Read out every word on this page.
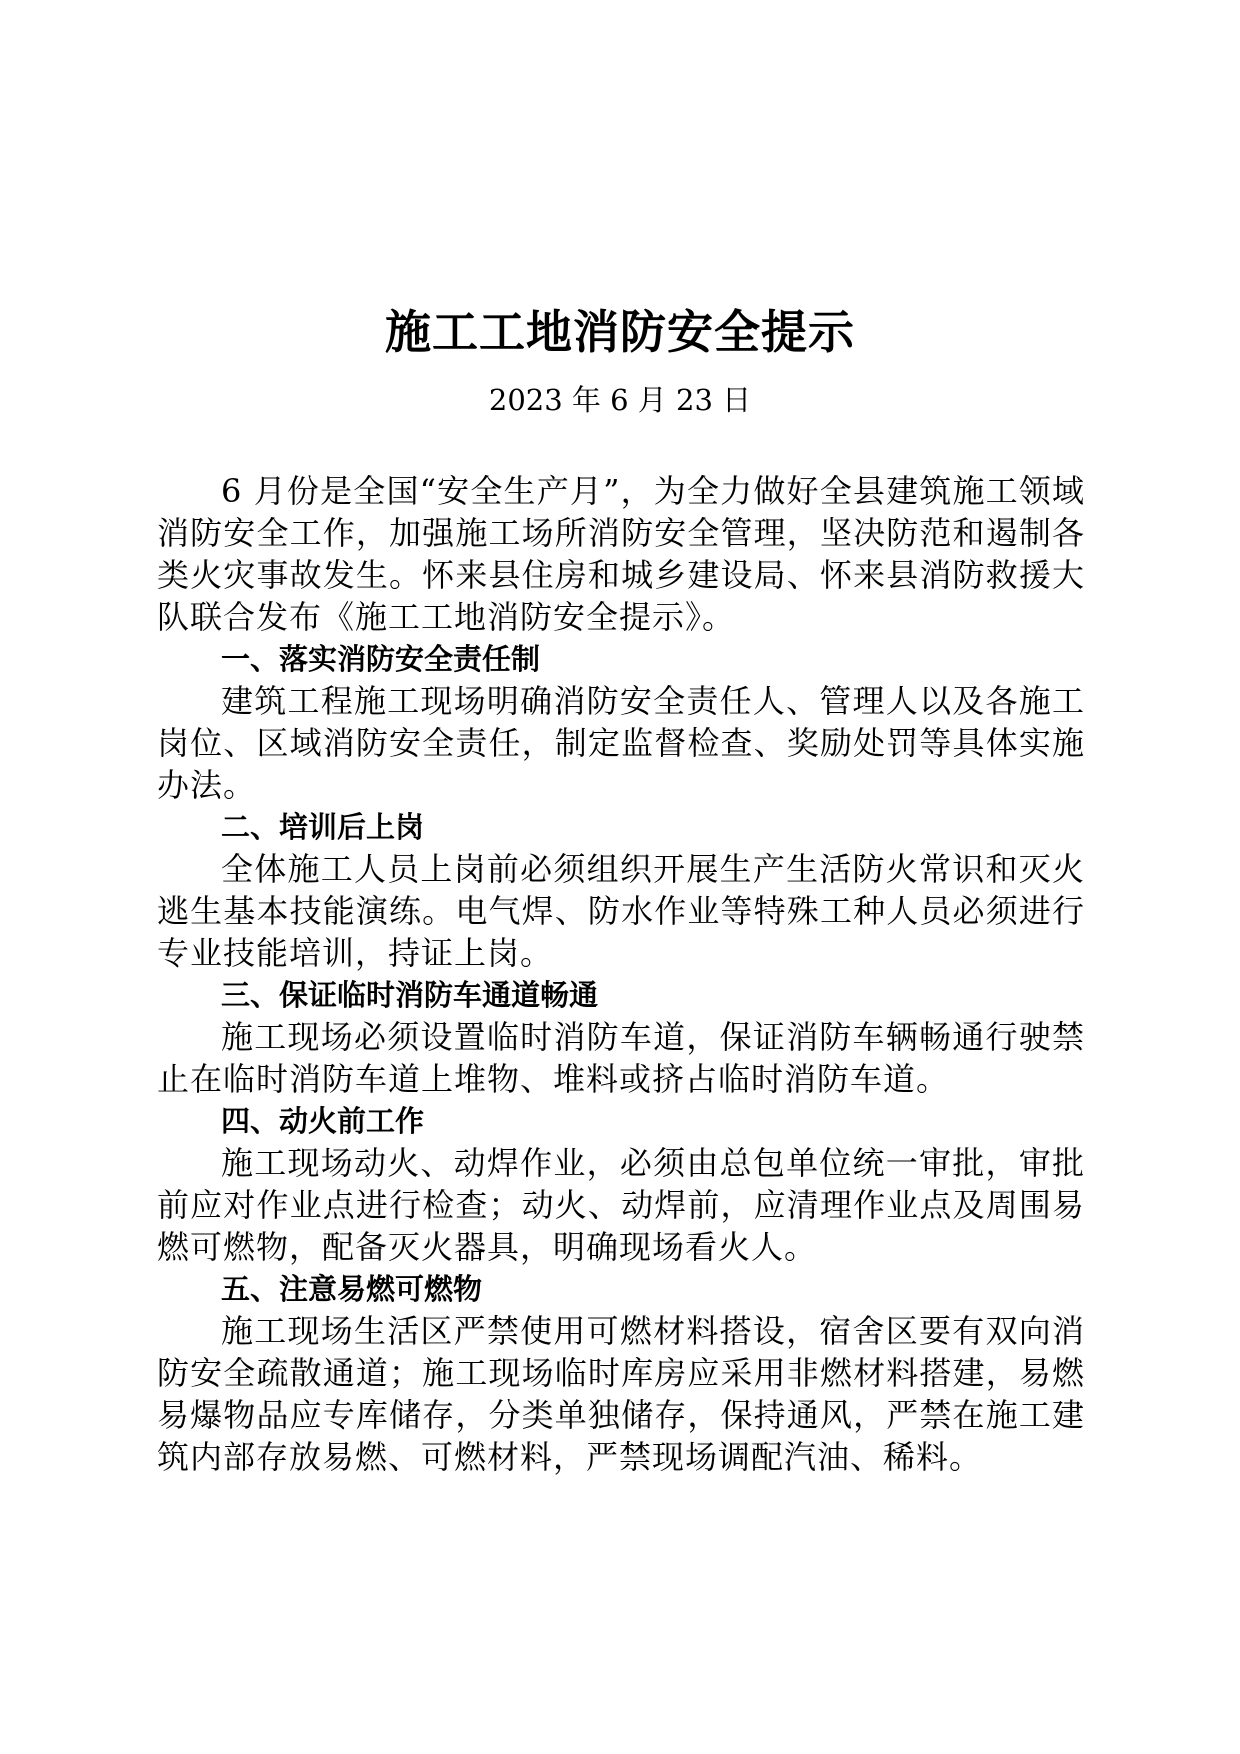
施工工地消防安全提示
2023 年 6 月 23 日

6 月份是全国“安全生产月”，为全力做好全县建筑施工领域消防安全工作，加强施工场所消防安全管理，坚决防范和遏制各类火灾事故发生。怀来县住房和城乡建设局、怀来县消防救援大队联合发布《施工工地消防安全提示》。

一、落实消防安全责任制

建筑工程施工现场明确消防安全责任人、管理人以及各施工岗位、区域消防安全责任，制定监督检查、奖励处罚等具体实施办法。

二、培训后上岗

全体施工人员上岗前必须组织开展生产生活防火常识和灭火逃生基本技能演练。电气焊、防水作业等特殊工种人员必须进行专业技能培训，持证上岗。

三、保证临时消防车通道畅通

施工现场必须设置临时消防车道，保证消防车辆畅通行驶禁止在临时消防车道上堆物、堆料或挤占临时消防车道。

四、动火前工作

施工现场动火、动焊作业，必须由总包单位统一审批，审批前应对作业点进行检查；动火、动焊前，应清理作业点及周围易燃可燃物，配备灭火器具，明确现场看火人。

五、注意易燃可燃物

施工现场生活区严禁使用可燃材料搭设，宿舍区要有双向消防安全疏散通道；施工现场临时库房应采用非燃材料搭建，易燃易爆物品应专库储存，分类单独储存，保持通风，严禁在施工建筑内部存放易燃、可燃材料，严禁现场调配汽油、稀料。
